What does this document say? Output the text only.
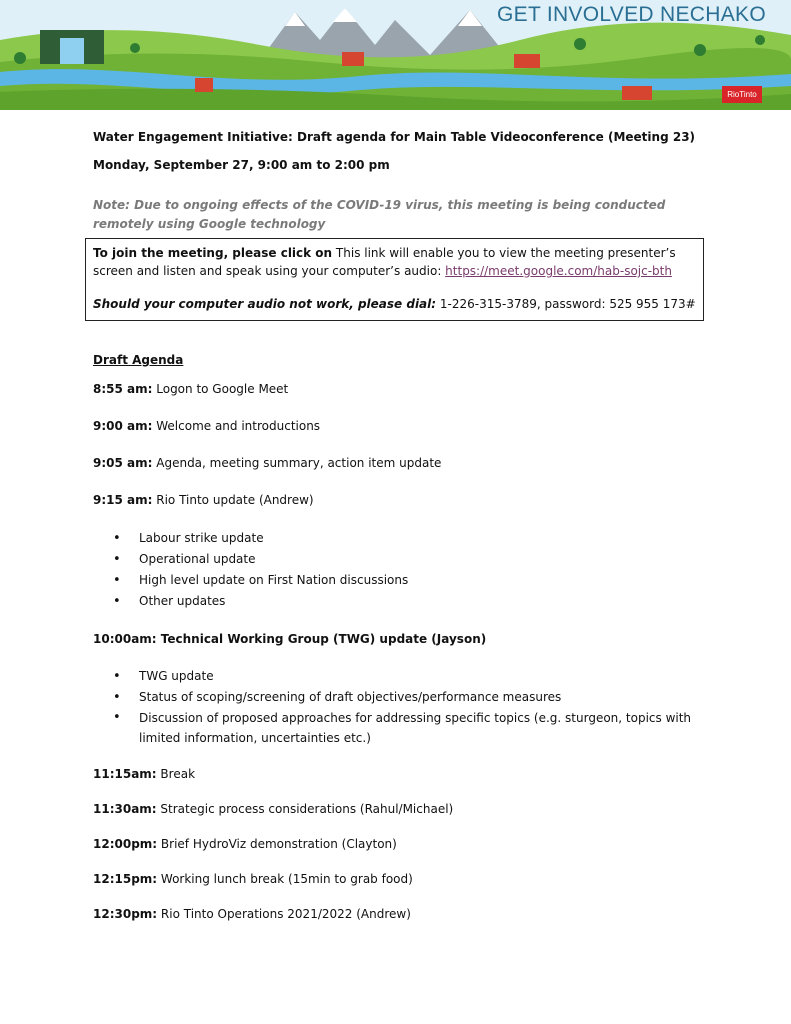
GET INVOLVED NECHAKO
RioTinto
Water Engagement Initiative: Draft agenda for Main Table Videoconference (Meeting 23)
Monday, September 27, 9:00 am to 2:00 pm
Note: Due to ongoing effects of the COVID-19 virus, this meeting is being conducted remotely using Google technology

To join the meeting, please click on This link will enable you to view the meeting presenter’s screen and listen and speak using your computer’s audio: https://meet.google.com/hab-sojc-bth

Should your computer audio not work, please dial: 1-226-315-3789, password: 525 955 173#

Draft Agenda
8:55 am: Logon to Google Meet
9:00 am: Welcome and introductions
9:05 am: Agenda, meeting summary, action item update
9:15 am: Rio Tinto update (Andrew)
• Labour strike update
• Operational update
• High level update on First Nation discussions
• Other updates
10:00am: Technical Working Group (TWG) update (Jayson)
• TWG update
• Status of scoping/screening of draft objectives/performance measures
• Discussion of proposed approaches for addressing specific topics (e.g. sturgeon, topics with limited information, uncertainties etc.)
11:15am: Break
11:30am: Strategic process considerations (Rahul/Michael)
12:00pm: Brief HydroViz demonstration (Clayton)
12:15pm: Working lunch break (15min to grab food)
12:30pm: Rio Tinto Operations 2021/2022 (Andrew)
